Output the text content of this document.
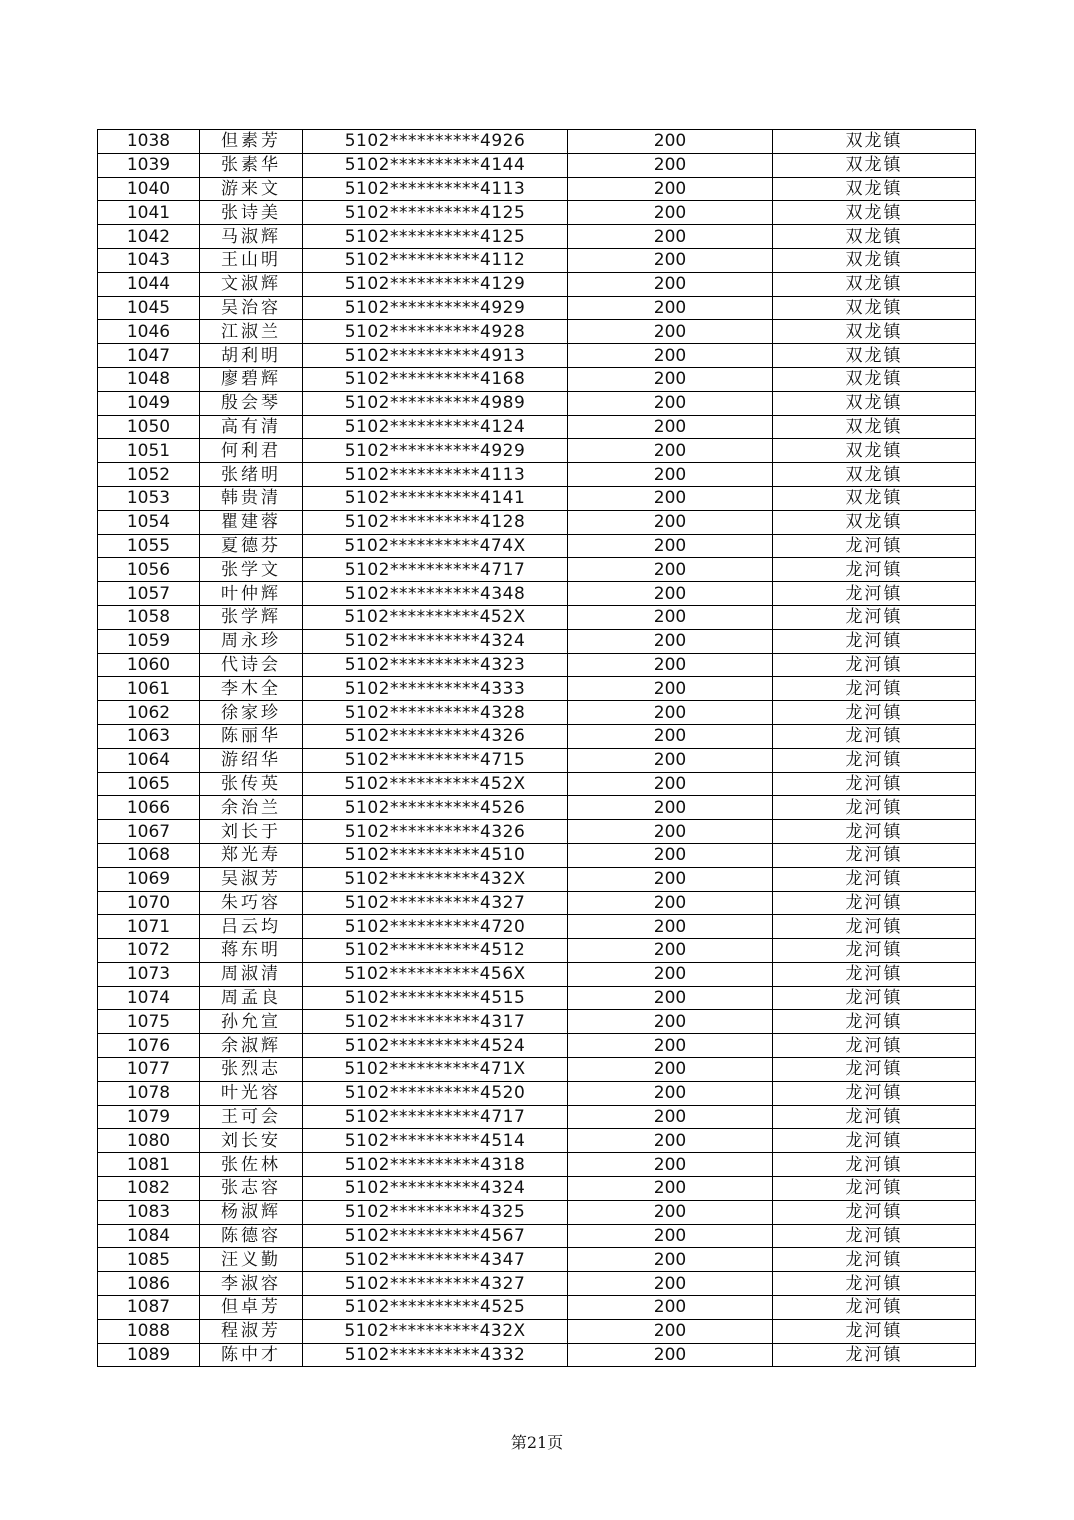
1038	但素芳	5102**********4926	200	双龙镇
1039	张素华	5102**********4144	200	双龙镇
1040	游来文	5102**********4113	200	双龙镇
1041	张诗美	5102**********4125	200	双龙镇
1042	马淑辉	5102**********4125	200	双龙镇
1043	王山明	5102**********4112	200	双龙镇
1044	文淑辉	5102**********4129	200	双龙镇
1045	吴治容	5102**********4929	200	双龙镇
1046	江淑兰	5102**********4928	200	双龙镇
1047	胡利明	5102**********4913	200	双龙镇
1048	廖碧辉	5102**********4168	200	双龙镇
1049	殷会琴	5102**********4989	200	双龙镇
1050	高有清	5102**********4124	200	双龙镇
1051	何利君	5102**********4929	200	双龙镇
1052	张绪明	5102**********4113	200	双龙镇
1053	韩贵清	5102**********4141	200	双龙镇
1054	瞿建蓉	5102**********4128	200	双龙镇
1055	夏德芬	5102**********474X	200	龙河镇
1056	张学文	5102**********4717	200	龙河镇
1057	叶仲辉	5102**********4348	200	龙河镇
1058	张学辉	5102**********452X	200	龙河镇
1059	周永珍	5102**********4324	200	龙河镇
1060	代诗会	5102**********4323	200	龙河镇
1061	李木全	5102**********4333	200	龙河镇
1062	徐家珍	5102**********4328	200	龙河镇
1063	陈丽华	5102**********4326	200	龙河镇
1064	游绍华	5102**********4715	200	龙河镇
1065	张传英	5102**********452X	200	龙河镇
1066	余治兰	5102**********4526	200	龙河镇
1067	刘长于	5102**********4326	200	龙河镇
1068	郑光寿	5102**********4510	200	龙河镇
1069	吴淑芳	5102**********432X	200	龙河镇
1070	朱巧容	5102**********4327	200	龙河镇
1071	吕云均	5102**********4720	200	龙河镇
1072	蒋东明	5102**********4512	200	龙河镇
1073	周淑清	5102**********456X	200	龙河镇
1074	周孟良	5102**********4515	200	龙河镇
1075	孙允宣	5102**********4317	200	龙河镇
1076	余淑辉	5102**********4524	200	龙河镇
1077	张烈志	5102**********471X	200	龙河镇
1078	叶光容	5102**********4520	200	龙河镇
1079	王可会	5102**********4717	200	龙河镇
1080	刘长安	5102**********4514	200	龙河镇
1081	张佐林	5102**********4318	200	龙河镇
1082	张志容	5102**********4324	200	龙河镇
1083	杨淑辉	5102**********4325	200	龙河镇
1084	陈德容	5102**********4567	200	龙河镇
1085	汪义勤	5102**********4347	200	龙河镇
1086	李淑容	5102**********4327	200	龙河镇
1087	但卓芳	5102**********4525	200	龙河镇
1088	程淑芳	5102**********432X	200	龙河镇
1089	陈中才	5102**********4332	200	龙河镇
第21页
